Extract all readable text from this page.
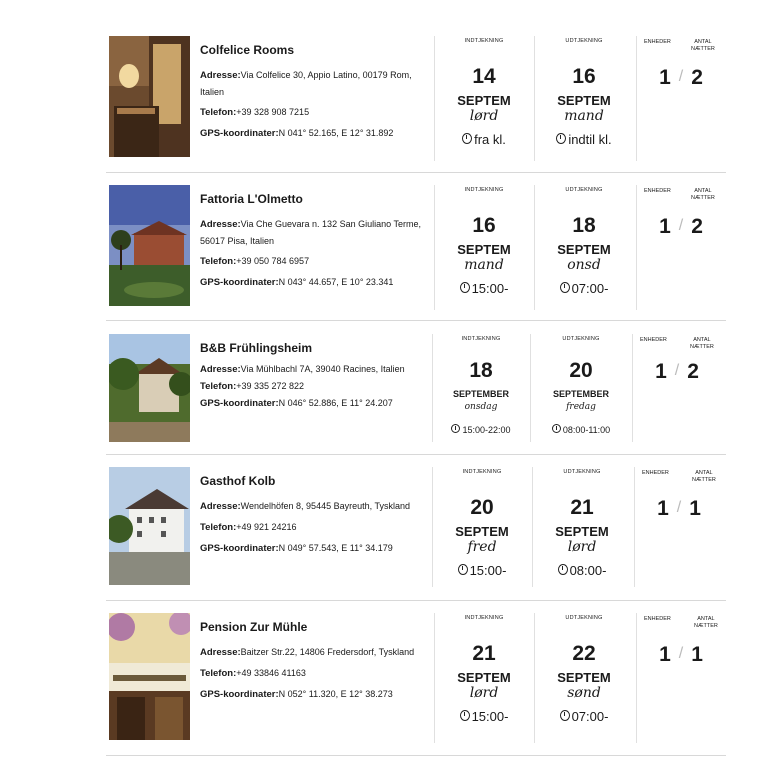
Colfelice Rooms
Adresse:Via Colfelice 30, Appio Latino, 00179 Rom, Italien
Telefon:+39 328 908 7215
GPS-koordinater:N 041° 52.165, E 12° 31.892
INDTJEKNING
14
SEPTEM
lørd
fra kl.
UDTJEKNING
16
SEPTEM
mand
indtil kl.
ENHEDER	ANTAL
NÆTTER
1 / 2
Fattoria L'Olmetto
Adresse:Via Che Guevara n. 132 San Giuliano Terme, 56017 Pisa, Italien
Telefon:+39 050 784 6957
GPS-koordinater:N 043° 44.657, E 10° 23.341
INDTJEKNING
16
SEPTEM
mand
15:00-
UDTJEKNING
18
SEPTEM
onsd
07:00-
ENHEDER	ANTAL
NÆTTER
1 / 2
B&B Frühlingsheim
Adresse:Via Mühlbachl 7A, 39040 Racines, Italien
Telefon:+39 335 272 822
GPS-koordinater:N 046° 52.886, E 11° 24.207
INDTJEKNING
18
SEPTEMBER
onsdag
15:00-22:00
UDTJEKNING
20
SEPTEMBER
fredag
08:00-11:00
ENHEDER	ANTAL
NÆTTER
1 / 2
Gasthof Kolb
Adresse:Wendelhöfen 8, 95445 Bayreuth, Tyskland
Telefon:+49 921 24216
GPS-koordinater:N 049° 57.543, E 11° 34.179
INDTJEKNING
20
SEPTEM
fred
15:00-
UDTJEKNING
21
SEPTEM
lørd
08:00-
ENHEDER	ANTAL
NÆTTER
1 / 1
Pension Zur Mühle
Adresse:Baitzer Str.22, 14806 Fredersdorf, Tyskland
Telefon:+49 33846 41163
GPS-koordinater:N 052° 11.320, E 12° 38.273
INDTJEKNING
21
SEPTEM
lørd
15:00-
UDTJEKNING
22
SEPTEM
sønd
07:00-
ENHEDER	ANTAL
NÆTTER
1 / 1
